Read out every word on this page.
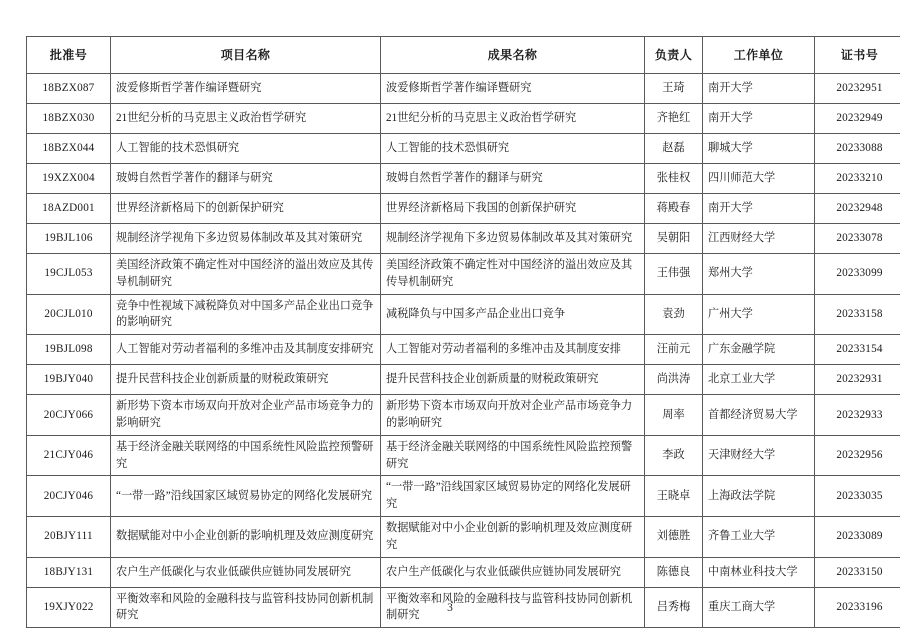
批准号	项目名称	成果名称	负责人	工作单位	证书号
18BZX087	波爱修斯哲学著作编译暨研究	波爱修斯哲学著作编译暨研究	王琦	南开大学	20232951
18BZX030	21世纪分析的马克思主义政治哲学研究	21世纪分析的马克思主义政治哲学研究	齐艳红	南开大学	20232949
18BZX044	人工智能的技术恐惧研究	人工智能的技术恐惧研究	赵磊	聊城大学	20233088
19XZX004	玻姆自然哲学著作的翻译与研究	玻姆自然哲学著作的翻译与研究	张桂权	四川师范大学	20233210
18AZD001	世界经济新格局下的创新保护研究	世界经济新格局下我国的创新保护研究	蒋殿春	南开大学	20232948
19BJL106	规制经济学视角下多边贸易体制改革及其对策研究	规制经济学视角下多边贸易体制改革及其对策研究	吴朝阳	江西财经大学	20233078
19CJL053	美国经济政策不确定性对中国经济的溢出效应及其传导机制研究	美国经济政策不确定性对中国经济的溢出效应及其传导机制研究	王伟强	郑州大学	20233099
20CJL010	竞争中性视域下减税降负对中国多产品企业出口竞争的影响研究	减税降负与中国多产品企业出口竞争	袁劲	广州大学	20233158
19BJL098	人工智能对劳动者福利的多维冲击及其制度安排研究	人工智能对劳动者福利的多维冲击及其制度安排	汪前元	广东金融学院	20233154
19BJY040	提升民营科技企业创新质量的财税政策研究	提升民营科技企业创新质量的财税政策研究	尚洪涛	北京工业大学	20232931
20CJY066	新形势下资本市场双向开放对企业产品市场竞争力的影响研究	新形势下资本市场双向开放对企业产品市场竞争力的影响研究	周率	首都经济贸易大学	20232933
21CJY046	基于经济金融关联网络的中国系统性风险监控预警研究	基于经济金融关联网络的中国系统性风险监控预警研究	李政	天津财经大学	20232956
20CJY046	“一带一路”沿线国家区域贸易协定的网络化发展研究	“一带一路”沿线国家区域贸易协定的网络化发展研究	王晓卓	上海政法学院	20233035
20BJY111	数据赋能对中小企业创新的影响机理及效应测度研究	数据赋能对中小企业创新的影响机理及效应测度研究	刘德胜	齐鲁工业大学	20233089
18BJY131	农户生产低碳化与农业低碳供应链协同发展研究	农户生产低碳化与农业低碳供应链协同发展研究	陈德良	中南林业科技大学	20233150
19XJY022	平衡效率和风险的金融科技与监管科技协同创新机制研究	平衡效率和风险的金融科技与监管科技协同创新机制研究	吕秀梅	重庆工商大学	20233196
3
